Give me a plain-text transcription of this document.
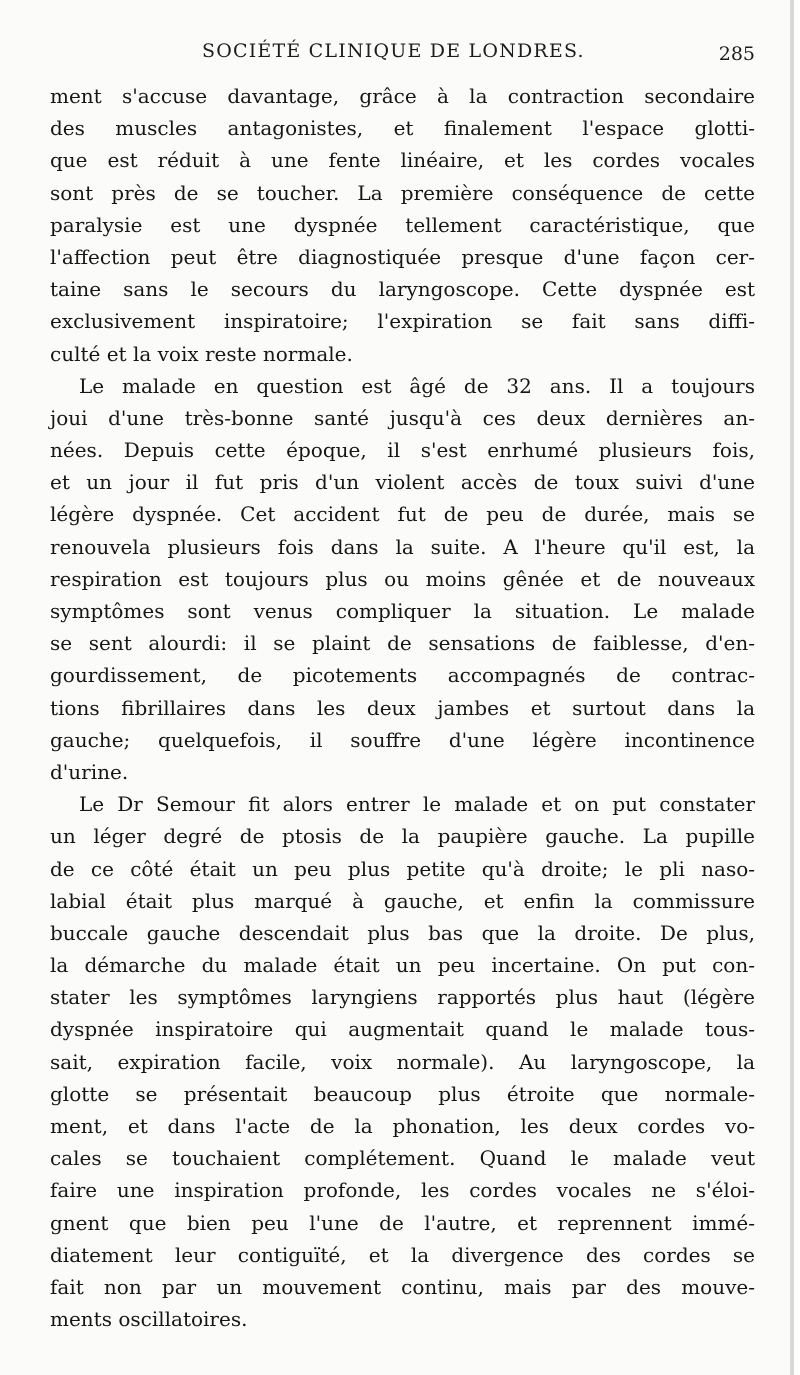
SOCIÉTÉ CLINIQUE DE LONDRES.	285

ment s'accuse davantage, grâce à la contraction secondaire
des muscles antagonistes, et finalement l'espace glotti-
que est réduit à une fente linéaire, et les cordes vocales
sont près de se toucher. La première conséquence de cette
paralysie est une dyspnée tellement caractéristique, que
l'affection peut être diagnostiquée presque d'une façon cer-
taine sans le secours du laryngoscope. Cette dyspnée est
exclusivement inspiratoire; l'expiration se fait sans diffi-
culté et la voix reste normale.

Le malade en question est âgé de 32 ans. Il a toujours
joui d'une très-bonne santé jusqu'à ces deux dernières an-
nées. Depuis cette époque, il s'est enrhumé plusieurs fois,
et un jour il fut pris d'un violent accès de toux suivi d'une
légère dyspnée. Cet accident fut de peu de durée, mais se
renouvela plusieurs fois dans la suite. A l'heure qu'il est, la
respiration est toujours plus ou moins gênée et de nouveaux
symptômes sont venus compliquer la situation. Le malade
se sent alourdi: il se plaint de sensations de faiblesse, d'en-
gourdissement, de picotements accompagnés de contrac-
tions fibrillaires dans les deux jambes et surtout dans la
gauche; quelquefois, il souffre d'une légère incontinence
d'urine.

Le Dr Semour fit alors entrer le malade et on put constater
un léger degré de ptosis de la paupière gauche. La pupille
de ce côté était un peu plus petite qu'à droite; le pli naso-
labial était plus marqué à gauche, et enfin la commissure
buccale gauche descendait plus bas que la droite. De plus,
la démarche du malade était un peu incertaine. On put con-
stater les symptômes laryngiens rapportés plus haut (légère
dyspnée inspiratoire qui augmentait quand le malade tous-
sait, expiration facile, voix normale). Au laryngoscope, la
glotte se présentait beaucoup plus étroite que normale-
ment, et dans l'acte de la phonation, les deux cordes vo-
cales se touchaient complétement. Quand le malade veut
faire une inspiration profonde, les cordes vocales ne s'éloi-
gnent que bien peu l'une de l'autre, et reprennent immé-
diatement leur contiguïté, et la divergence des cordes se
fait non par un mouvement continu, mais par des mouve-
ments oscillatoires.
